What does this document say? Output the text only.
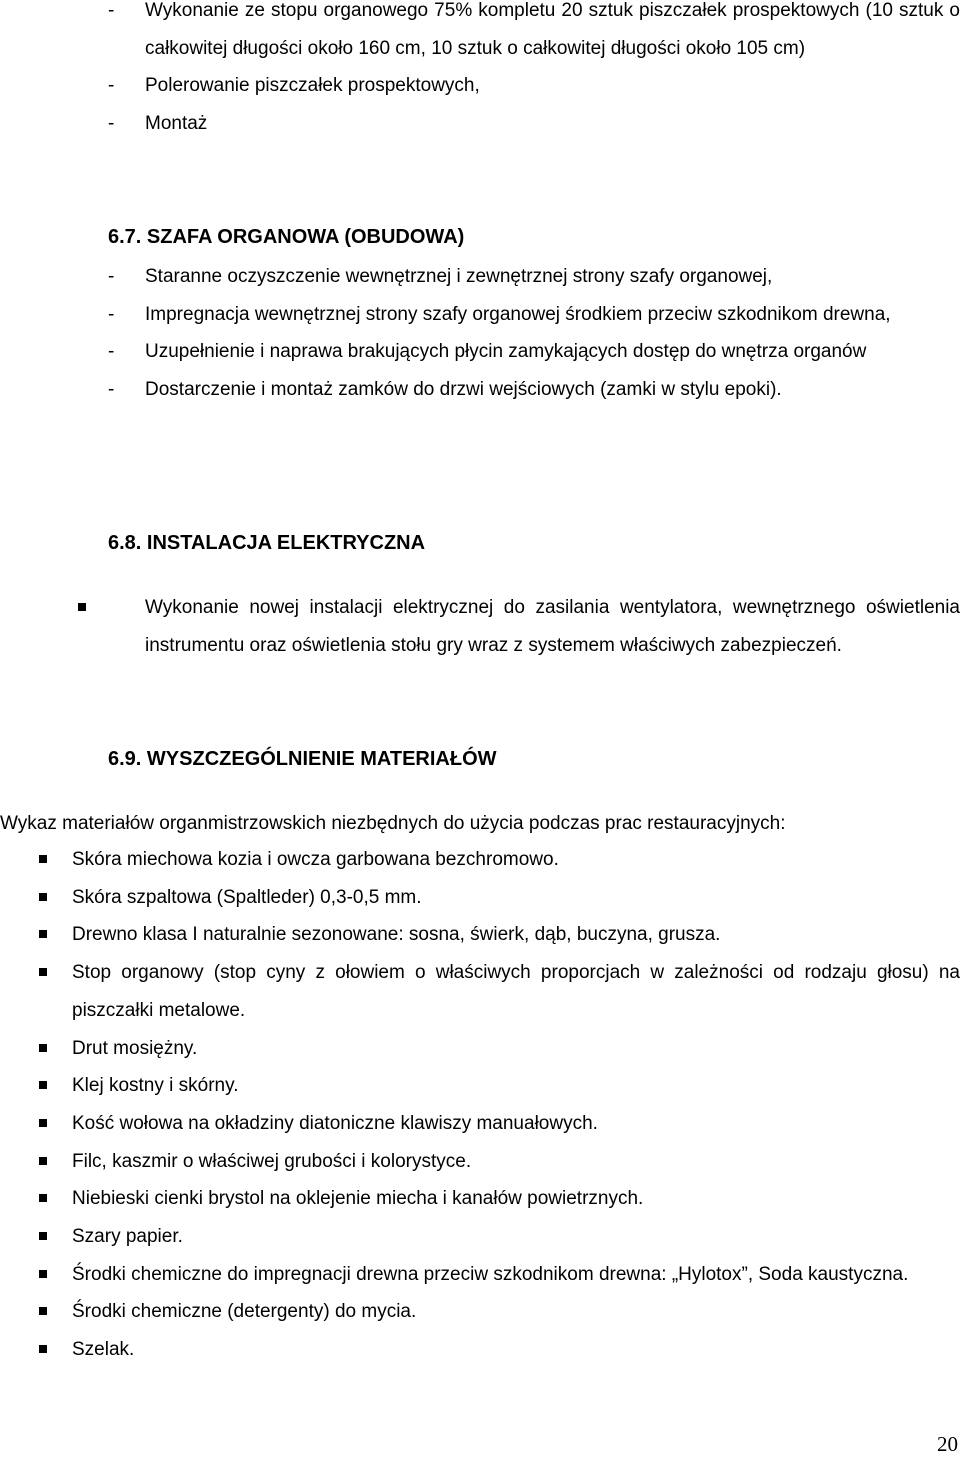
- Wykonanie ze stopu organowego 75% kompletu 20 sztuk piszczałek prospektowych (10 sztuk o całkowitej długości około 160 cm, 10 sztuk o całkowitej długości około 105 cm)
- Polerowanie piszczałek prospektowych,
- Montaż
6.7. SZAFA ORGANOWA (OBUDOWA)
- Staranne oczyszczenie wewnętrznej i zewnętrznej strony szafy organowej,
- Impregnacja wewnętrznej strony szafy organowej środkiem przeciw szkodnikom drewna,
- Uzupełnienie i naprawa brakujących płycin zamykających dostęp do wnętrza organów
- Dostarczenie i montaż zamków do drzwi wejściowych (zamki w stylu epoki).
6.8. INSTALACJA ELEKTRYCZNA
Wykonanie nowej instalacji elektrycznej do zasilania wentylatora, wewnętrznego oświetlenia instrumentu oraz oświetlenia stołu gry wraz z systemem właściwych zabezpieczeń.
6.9. WYSZCZEGÓLNIENIE MATERIAŁÓW

Wykaz materiałów organmistrzowskich niezbędnych do użycia podczas prac restauracyjnych:

Skóra miechowa kozia i owcza garbowana bezchromowo.
Skóra szpaltowa (Spaltleder) 0,3-0,5 mm.
Drewno klasa I naturalnie sezonowane: sosna, świerk, dąb, buczyna, grusza.
Stop organowy (stop cyny z ołowiem o właściwych proporcjach w zależności od rodzaju głosu) na piszczałki metalowe.
Drut mosiężny.
Klej kostny i skórny.
Kość wołowa na okładziny diatoniczne klawiszy manuałowych.
Filc, kaszmir o właściwej grubości i kolorystyce.
Niebieski cienki brystol na oklejenie miecha i kanałów powietrznych.
Szary papier.
Środki chemiczne do impregnacji drewna przeciw szkodnikom drewna: „Hylotox”, Soda kaustyczna.
Środki chemiczne (detergenty) do mycia.
Szelak.

20
